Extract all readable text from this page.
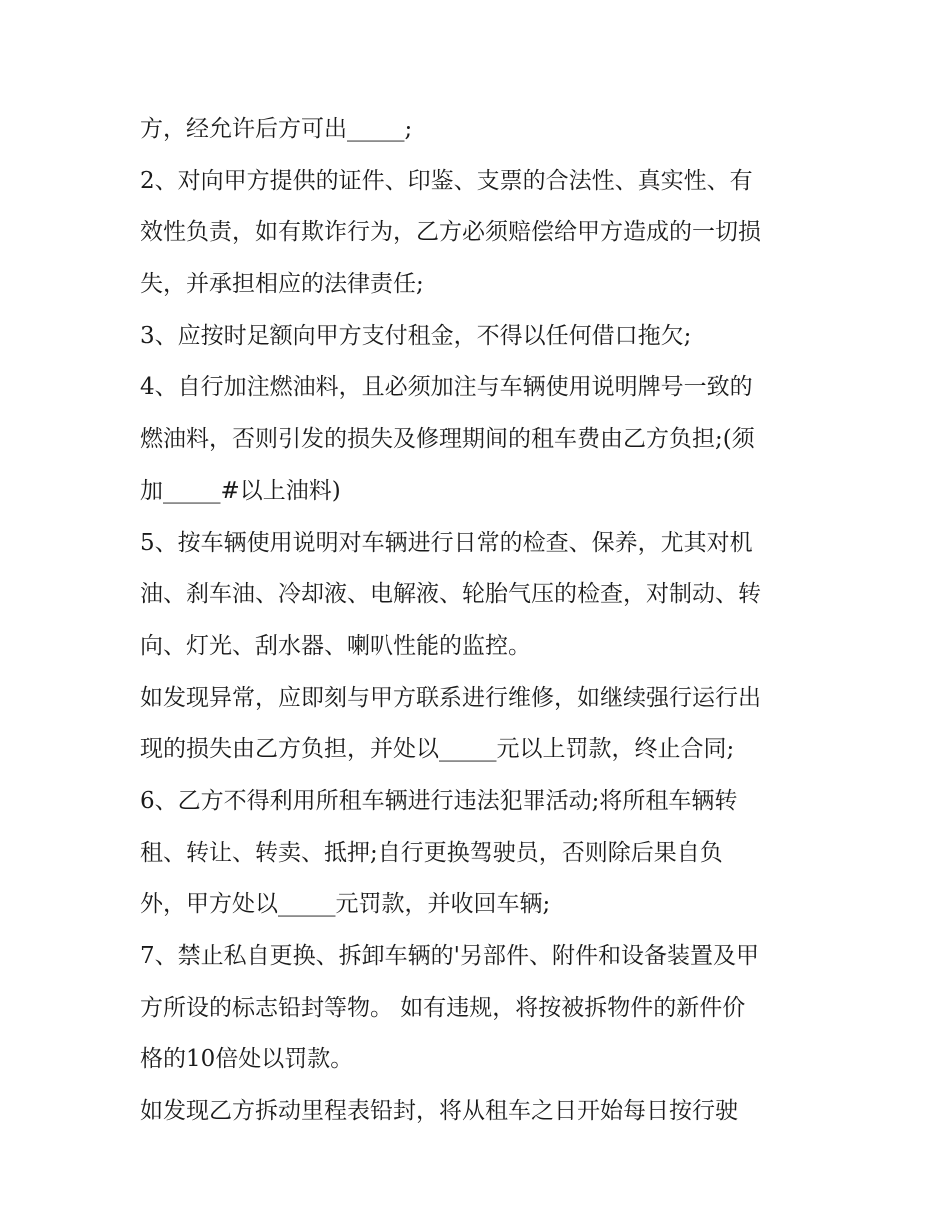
方，经允许后方可出_____;
2、对向甲方提供的证件、印鉴、支票的合法性、真实性、有
效性负责，如有欺诈行为，乙方必须赔偿给甲方造成的一切损
失，并承担相应的法律责任;
3、应按时足额向甲方支付租金，不得以任何借口拖欠;
4、自行加注燃油料，且必须加注与车辆使用说明牌号一致的
燃油料，否则引发的损失及修理期间的租车费由乙方负担;(须
加_____#以上油料)
5、按车辆使用说明对车辆进行日常的检查、保养，尤其对机
油、刹车油、冷却液、电解液、轮胎气压的检查，对制动、转
向、灯光、刮水器、喇叭性能的监控。
如发现异常，应即刻与甲方联系进行维修，如继续强行运行出
现的损失由乙方负担，并处以_____元以上罚款，终止合同;
6、乙方不得利用所租车辆进行违法犯罪活动;将所租车辆转
租、转让、转卖、抵押;自行更换驾驶员，否则除后果自负
外，甲方处以_____元罚款，并收回车辆;
7、禁止私自更换、拆卸车辆的'另部件、附件和设备装置及甲
方所设的标志铅封等物。 如有违规，将按被拆物件的新件价
格的10倍处以罚款。
如发现乙方拆动里程表铅封，将从租车之日开始每日按行驶
